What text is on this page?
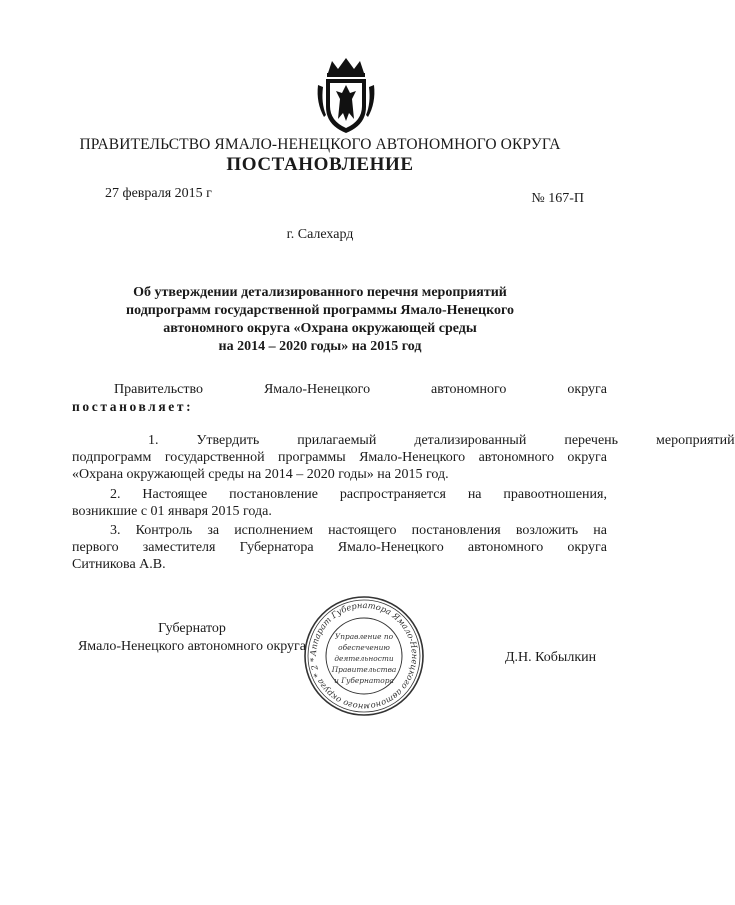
ПРАВИТЕЛЬСТВО ЯМАЛО-НЕНЕЦКОГО АВТОНОМНОГО ОКРУГА
ПОСТАНОВЛЕНИЕ
27 февраля 2015 г	№ 167-П
г. Салехард
Об утверждении детализированного перечня мероприятий
подпрограмм государственной программы Ямало-Ненецкого
автономного округа «Охрана окружающей среды
на 2014 – 2020 годы» на 2015 год
Правительство	Ямало-Ненецкого	автономного	округа
постановляет:
1.	Утвердить	прилагаемый	детализированный	перечень	мероприятий
подпрограмм государственной программы Ямало-Ненецкого автономного округа
«Охрана окружающей среды на 2014 – 2020 годы» на 2015 год.
2. Настоящее постановление распространяется на правоотношения,
возникшие с 01 января 2015 года.
3. Контроль за исполнением настоящего постановления возложить на
первого заместителя Губернатора Ямало-Ненецкого автономного округа
Ситникова А.В.
Губернатор
Ямало-Ненецкого автономного округа
Д.Н. Кобылкин
Аппарат Губернатора Ямало-Ненецкого автономного округа * 2 *
Управление по
обеспечению
деятельности
Правительства
и Губернатора
